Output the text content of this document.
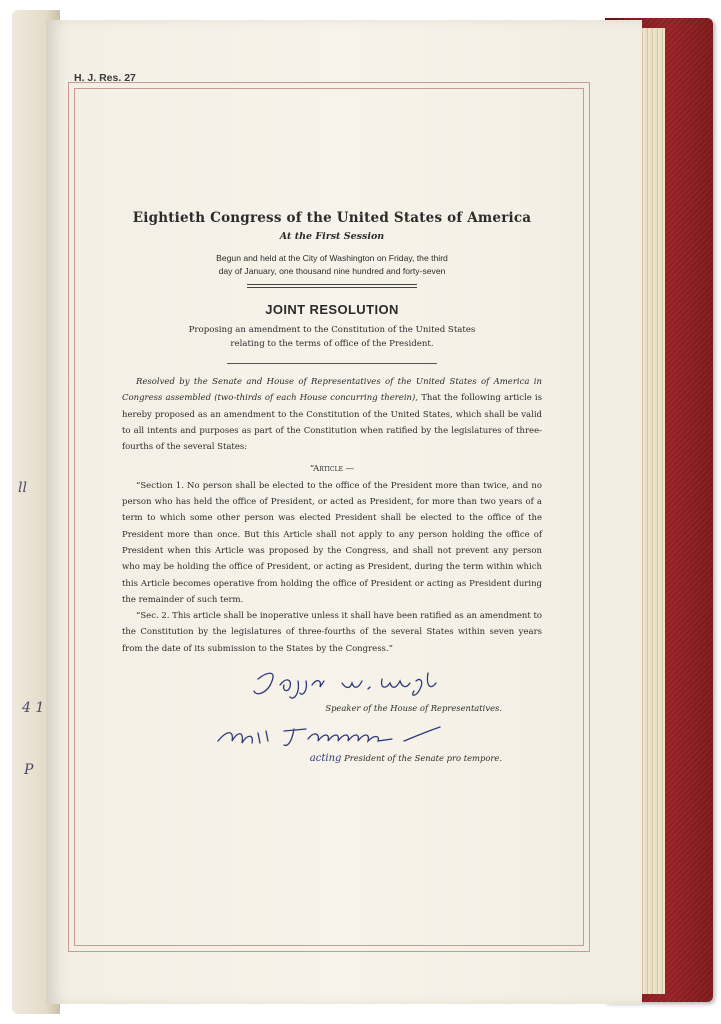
ll
4 1
P
H. J. Res. 27

Eightieth Congress of the United States of America

At the First Session
Begun and held at the City of Washington on Friday, the third
day of January, one thousand nine hundred and forty-seven
JOINT RESOLUTION
Proposing an amendment to the Constitution of the United States
relating to the terms of office of the President.

Resolved by the Senate and House of Representatives of the United States of America in Congress assembled (two-thirds of each House concurring therein), That the following article is hereby proposed as an amendment to the Constitution of the United States, which shall be valid to all intents and purposes as part of the Constitution when ratified by the legislatures of three-fourths of the several States:

“Article —

“Section 1. No person shall be elected to the office of the President more than twice, and no person who has held the office of President, or acted as President, for more than two years of a term to which some other person was elected President shall be elected to the office of the President more than once. But this Article shall not apply to any person holding the office of President when this Article was proposed by the Congress, and shall not prevent any person who may be holding the office of President, or acting as President, during the term within which this Article becomes operative from holding the office of President or acting as President during the remainder of such term.

“Sec. 2. This article shall be inoperative unless it shall have been ratified as an amendment to the Constitution by the legislatures of three-fourths of the several States within seven years from the date of its submission to the States by the Congress.”

Speaker of the House of Representatives.
acting President of the Senate pro tempore.
